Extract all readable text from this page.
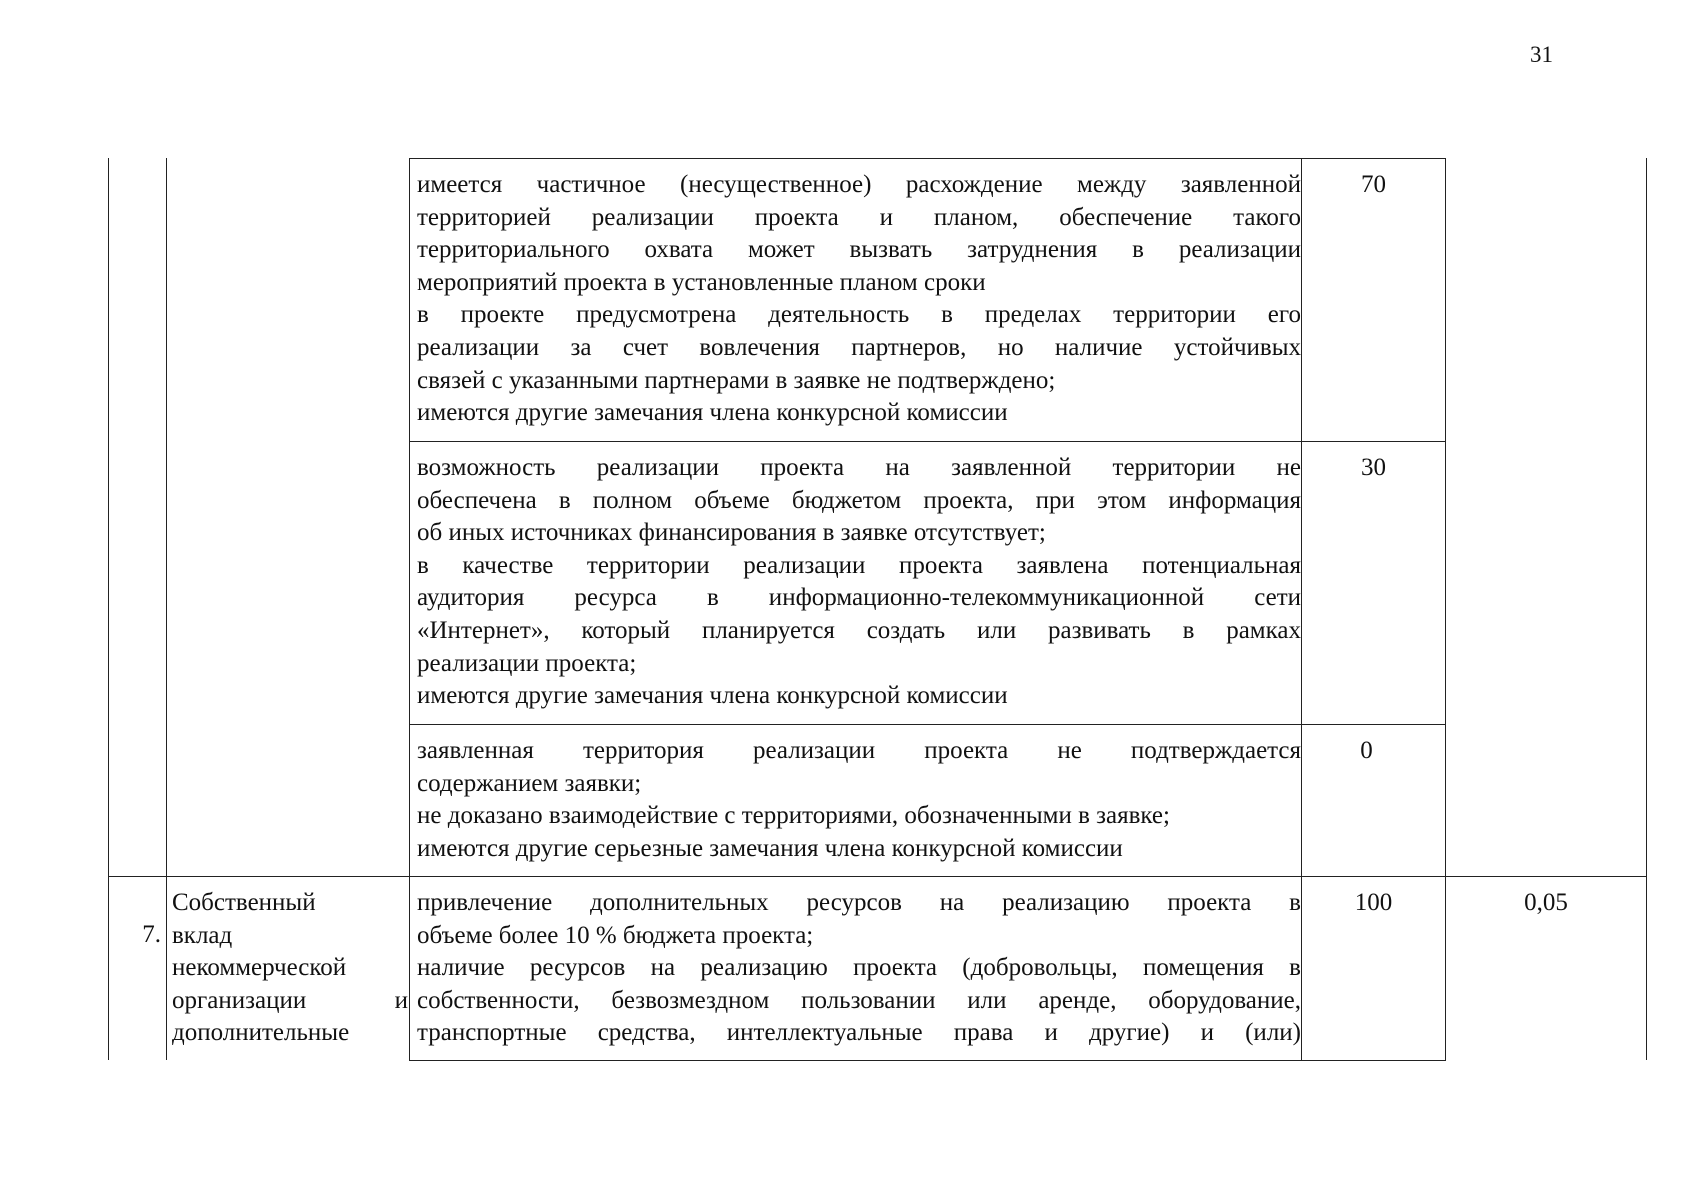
31
имеется частичное (несущественное) расхождение между заявленной
территорией реализации проекта и планом, обеспечение такого
территориального охвата может вызвать затруднения в реализации
мероприятий проекта в установленные планом сроки
в проекте предусмотрена деятельность в пределах территории его
реализации за счет вовлечения партнеров, но наличие устойчивых
связей с указанными партнерами в заявке не подтверждено;
имеются другие замечания члена конкурсной комиссии
70
возможность реализации проекта на заявленной территории не
обеспечена в полном объеме бюджетом проекта, при этом информация
об иных источниках финансирования в заявке отсутствует;
в качестве территории реализации проекта заявлена потенциальная
аудитория ресурса в информационно-телекоммуникационной сети
«Интернет», который планируется создать или развивать в рамках
реализации проекта;
имеются другие замечания члена конкурсной комиссии
30
заявленная территория реализации проекта не подтверждается
содержанием заявки;
не доказано взаимодействие с территориями, обозначенными в заявке;
имеются другие серьезные замечания члена конкурсной комиссии
0
7.
Собственный
вклад
некоммерческой
организации и
дополнительные
привлечение дополнительных ресурсов на реализацию проекта в
объеме более 10 % бюджета проекта;
наличие ресурсов на реализацию проекта (добровольцы, помещения в
собственности, безвозмездном пользовании или аренде, оборудование,
транспортные средства, интеллектуальные права и другие) и (или)
100	0,05
